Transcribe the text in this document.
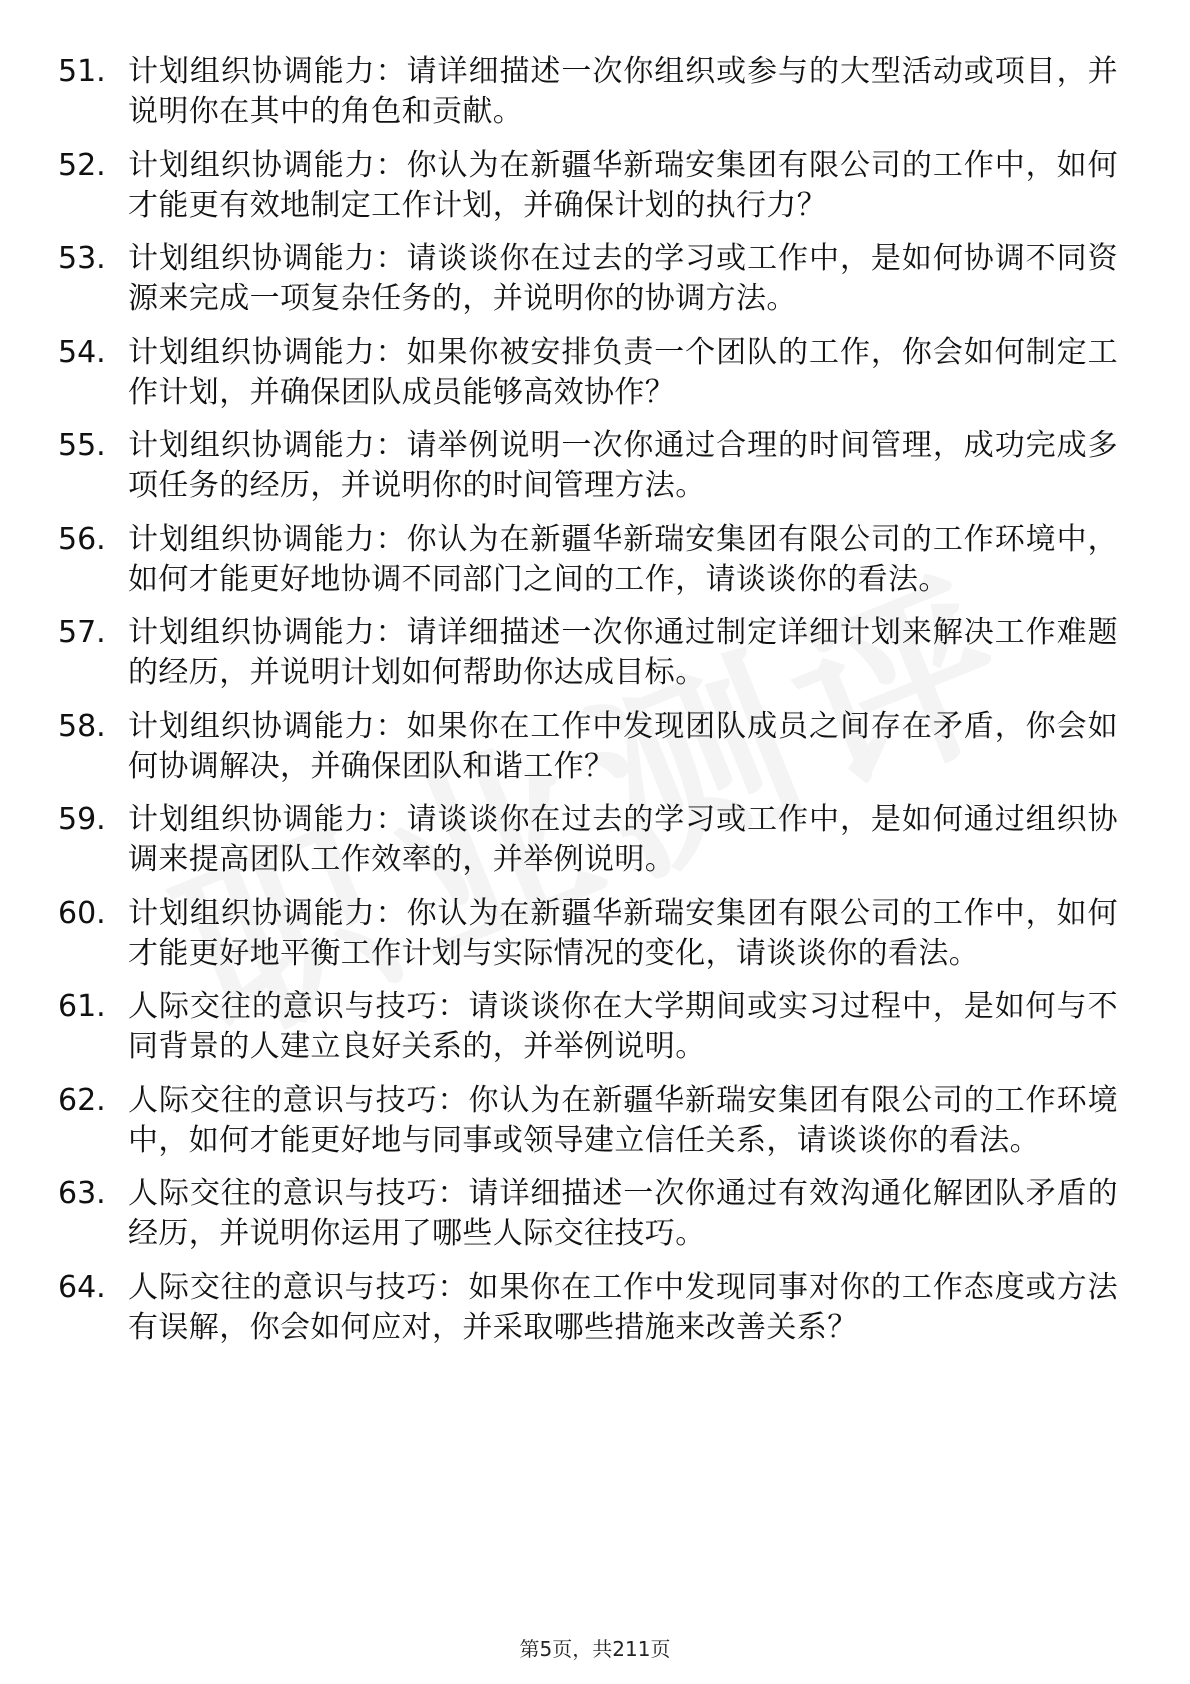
51. 计划组织协调能力：请详细描述一次你组织或参与的大型活动或项目，并说明你在其中的角色和贡献。
52. 计划组织协调能力：你认为在新疆华新瑞安集团有限公司的工作中，如何才能更有效地制定工作计划，并确保计划的执行力？
53. 计划组织协调能力：请谈谈你在过去的学习或工作中，是如何协调不同资源来完成一项复杂任务的，并说明你的协调方法。
54. 计划组织协调能力：如果你被安排负责一个团队的工作，你会如何制定工作计划，并确保团队成员能够高效协作？
55. 计划组织协调能力：请举例说明一次你通过合理的时间管理，成功完成多项任务的经历，并说明你的时间管理方法。
56. 计划组织协调能力：你认为在新疆华新瑞安集团有限公司的工作环境中，如何才能更好地协调不同部门之间的工作，请谈谈你的看法。
57. 计划组织协调能力：请详细描述一次你通过制定详细计划来解决工作难题的经历，并说明计划如何帮助你达成目标。
58. 计划组织协调能力：如果你在工作中发现团队成员之间存在矛盾，你会如何协调解决，并确保团队和谐工作？
59. 计划组织协调能力：请谈谈你在过去的学习或工作中，是如何通过组织协调来提高团队工作效率的，并举例说明。
60. 计划组织协调能力：你认为在新疆华新瑞安集团有限公司的工作中，如何才能更好地平衡工作计划与实际情况的变化，请谈谈你的看法。
61. 人际交往的意识与技巧：请谈谈你在大学期间或实习过程中，是如何与不同背景的人建立良好关系的，并举例说明。
62. 人际交往的意识与技巧：你认为在新疆华新瑞安集团有限公司的工作环境中，如何才能更好地与同事或领导建立信任关系，请谈谈你的看法。
63. 人际交往的意识与技巧：请详细描述一次你通过有效沟通化解团队矛盾的经历，并说明你运用了哪些人际交往技巧。
64. 人际交往的意识与技巧：如果你在工作中发现同事对你的工作态度或方法有误解，你会如何应对，并采取哪些措施来改善关系？
第5页，共211页
